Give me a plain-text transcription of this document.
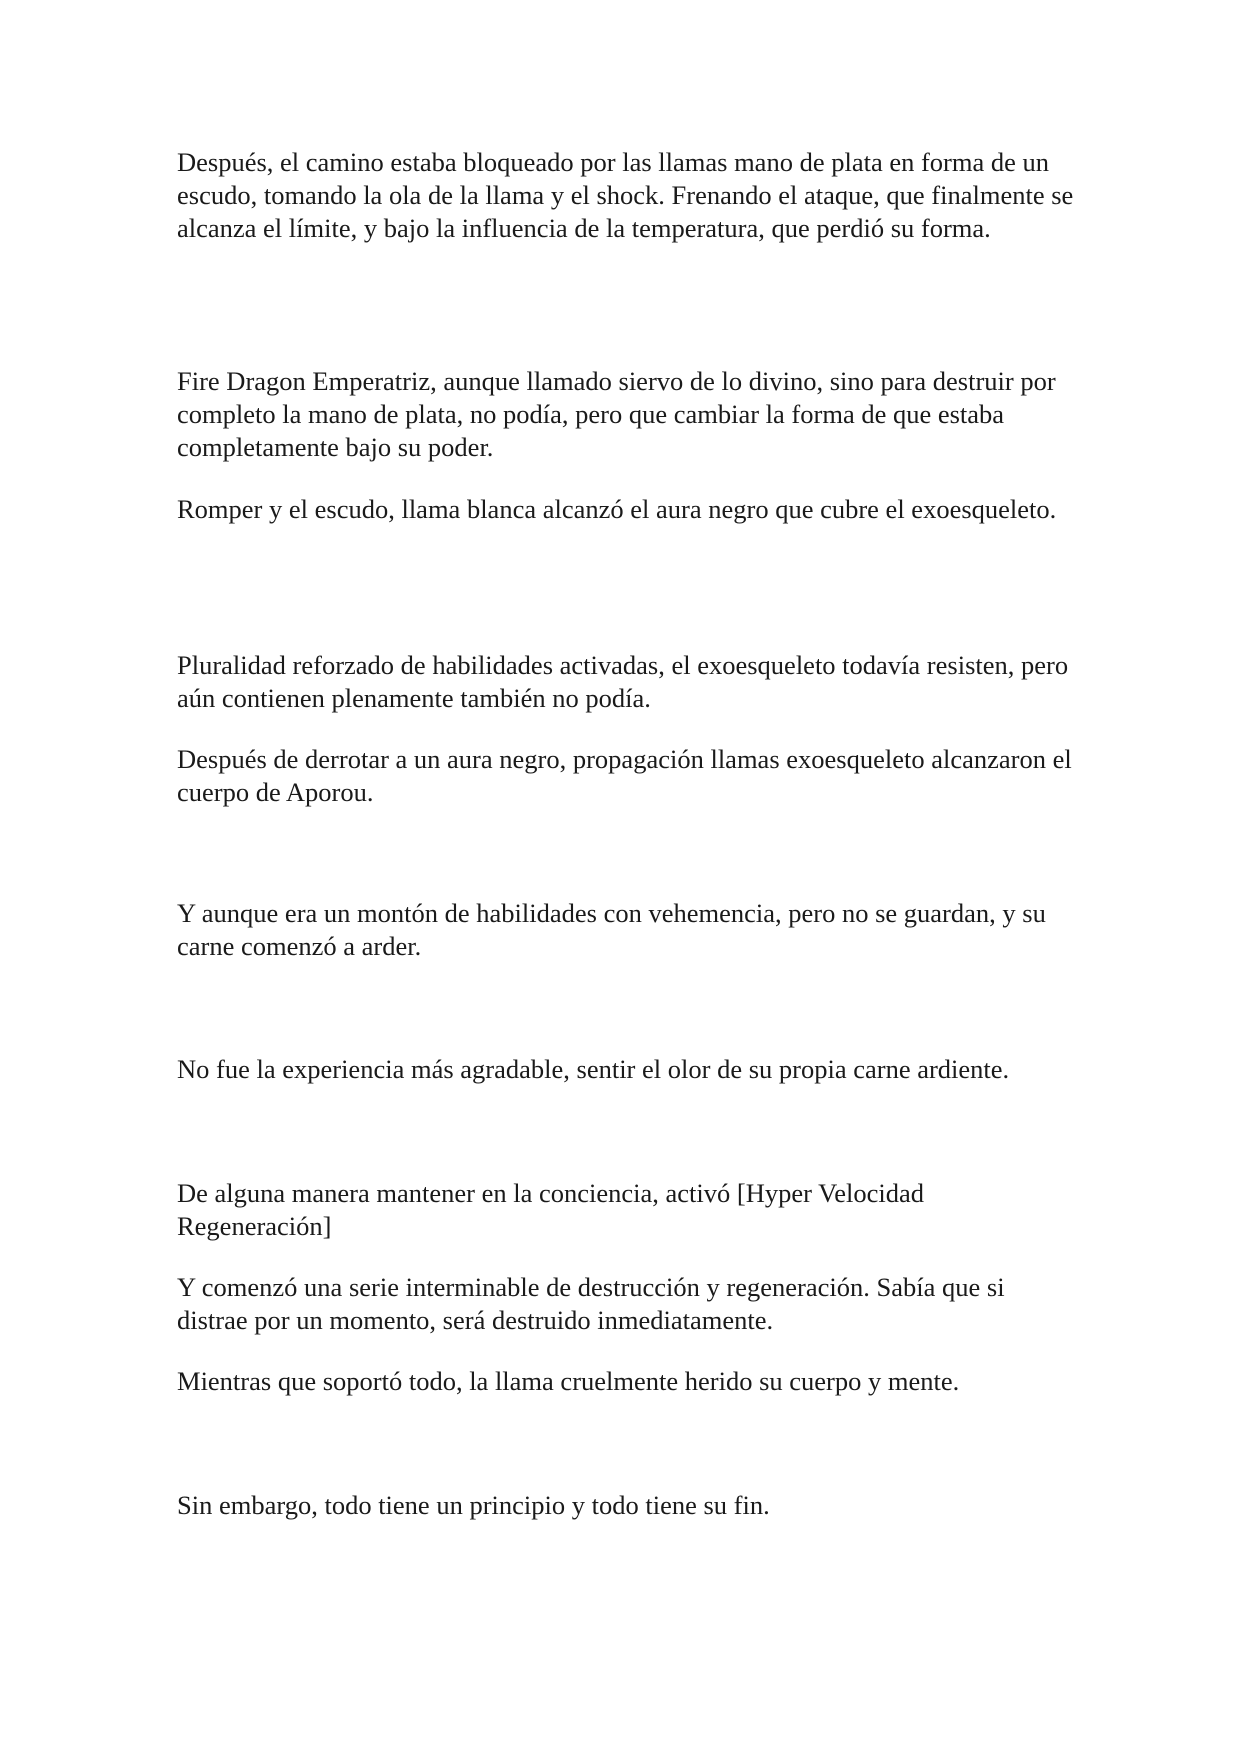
Después, el camino estaba bloqueado por las llamas mano de plata en forma de un escudo, tomando la ola de la llama y el shock. Frenando el ataque, que finalmente se alcanza el límite, y bajo la influencia de la temperatura, que perdió su forma.

Fire Dragon Emperatriz, aunque llamado siervo de lo divino, sino para destruir por completo la mano de plata, no podía, pero que cambiar la forma de que estaba completamente bajo su poder.

Romper y el escudo, llama blanca alcanzó el aura negro que cubre el exoesqueleto.

Pluralidad reforzado de habilidades activadas, el exoesqueleto todavía resisten, pero aún contienen plenamente también no podía.

Después de derrotar a un aura negro, propagación llamas exoesqueleto alcanzaron el cuerpo de Aporou.

Y aunque era un montón de habilidades con vehemencia, pero no se guardan, y su carne comenzó a arder.

No fue la experiencia más agradable, sentir el olor de su propia carne ardiente.

De alguna manera mantener en la conciencia, activó [Hyper Velocidad Regeneración]

Y comenzó una serie interminable de destrucción y regeneración. Sabía que si distrae por un momento, será destruido inmediatamente.

Mientras que soportó todo, la llama cruelmente herido su cuerpo y mente.

Sin embargo, todo tiene un principio y todo tiene su fin.
